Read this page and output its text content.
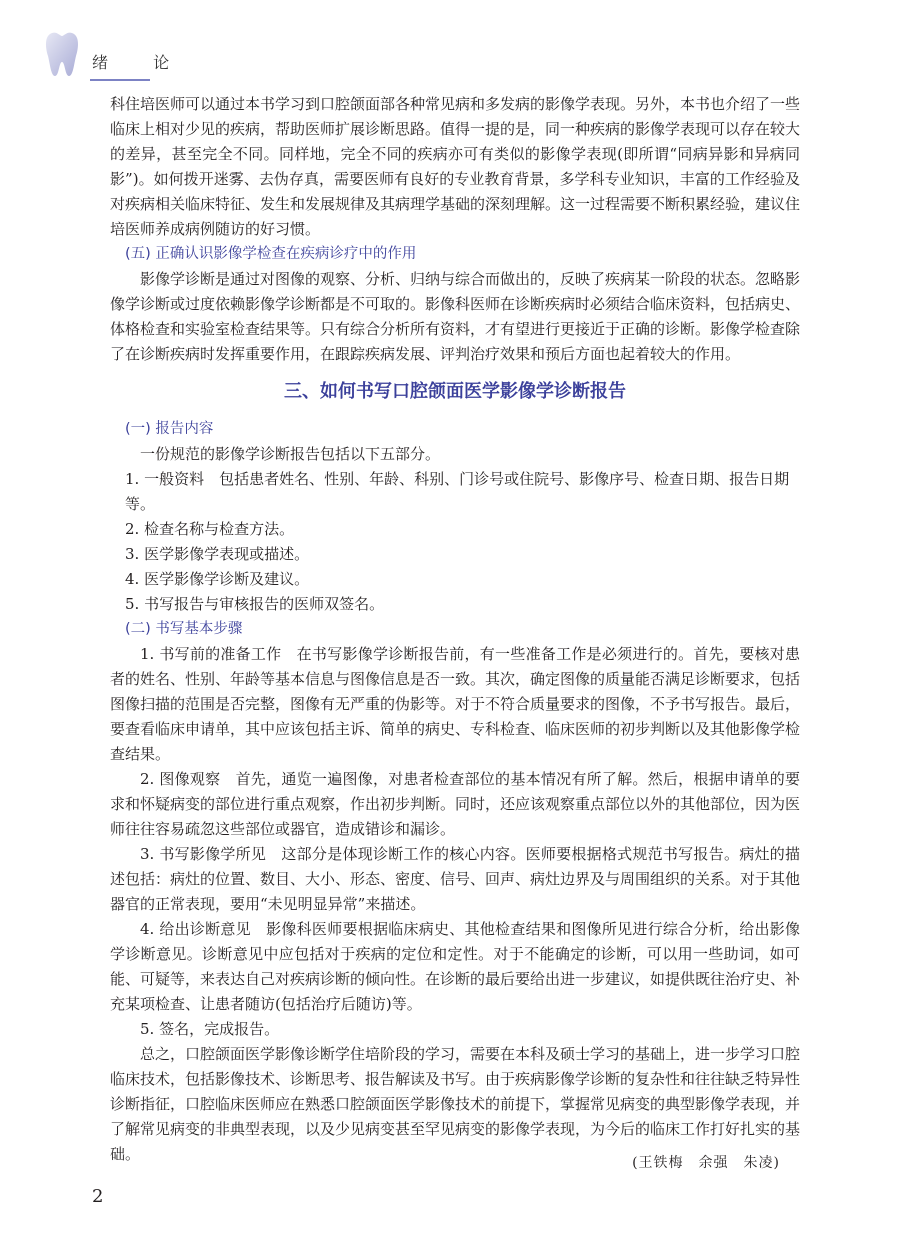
绪 论

科住培医师可以通过本书学习到口腔颌面部各种常见病和多发病的影像学表现。另外，本书也介绍了一些临床上相对少见的疾病，帮助医师扩展诊断思路。值得一提的是，同一种疾病的影像学表现可以存在较大的差异，甚至完全不同。同样地，完全不同的疾病亦可有类似的影像学表现(即所谓“同病异影和异病同影”)。如何拨开迷雾、去伪存真，需要医师有良好的专业教育背景，多学科专业知识，丰富的工作经验及对疾病相关临床特征、发生和发展规律及其病理学基础的深刻理解。这一过程需要不断积累经验，建议住培医师养成病例随访的好习惯。

(五) 正确认识影像学检查在疾病诊疗中的作用

影像学诊断是通过对图像的观察、分析、归纳与综合而做出的，反映了疾病某一阶段的状态。忽略影像学诊断或过度依赖影像学诊断都是不可取的。影像科医师在诊断疾病时必须结合临床资料，包括病史、体格检查和实验室检查结果等。只有综合分析所有资料，才有望进行更接近于正确的诊断。影像学检查除了在诊断疾病时发挥重要作用，在跟踪疾病发展、评判治疗效果和预后方面也起着较大的作用。

三、如何书写口腔颌面医学影像学诊断报告

(一) 报告内容

一份规范的影像学诊断报告包括以下五部分。

1. 一般资料　包括患者姓名、性别、年龄、科别、门诊号或住院号、影像序号、检查日期、报告日期等。

2. 检查名称与检查方法。

3. 医学影像学表现或描述。

4. 医学影像学诊断及建议。

5. 书写报告与审核报告的医师双签名。

(二) 书写基本步骤

1. 书写前的准备工作　在书写影像学诊断报告前，有一些准备工作是必须进行的。首先，要核对患者的姓名、性别、年龄等基本信息与图像信息是否一致。其次，确定图像的质量能否满足诊断要求，包括图像扫描的范围是否完整，图像有无严重的伪影等。对于不符合质量要求的图像，不予书写报告。最后，要查看临床申请单，其中应该包括主诉、简单的病史、专科检查、临床医师的初步判断以及其他影像学检查结果。

2. 图像观察　首先，通览一遍图像，对患者检查部位的基本情况有所了解。然后，根据申请单的要求和怀疑病变的部位进行重点观察，作出初步判断。同时，还应该观察重点部位以外的其他部位，因为医师往往容易疏忽这些部位或器官，造成错诊和漏诊。

3. 书写影像学所见　这部分是体现诊断工作的核心内容。医师要根据格式规范书写报告。病灶的描述包括：病灶的位置、数目、大小、形态、密度、信号、回声、病灶边界及与周围组织的关系。对于其他器官的正常表现，要用“未见明显异常”来描述。

4. 给出诊断意见　影像科医师要根据临床病史、其他检查结果和图像所见进行综合分析，给出影像学诊断意见。诊断意见中应包括对于疾病的定位和定性。对于不能确定的诊断，可以用一些助词，如可能、可疑等，来表达自己对疾病诊断的倾向性。在诊断的最后要给出进一步建议，如提供既往治疗史、补充某项检查、让患者随访(包括治疗后随访)等。

5. 签名，完成报告。

总之，口腔颌面医学影像诊断学住培阶段的学习，需要在本科及硕士学习的基础上，进一步学习口腔临床技术，包括影像技术、诊断思考、报告解读及书写。由于疾病影像学诊断的复杂性和往往缺乏特异性诊断指征，口腔临床医师应在熟悉口腔颌面医学影像技术的前提下，掌握常见病变的典型影像学表现，并了解常见病变的非典型表现，以及少见病变甚至罕见病变的影像学表现，为今后的临床工作打好扎实的基础。	(王铁梅　余强　朱凌)
2
